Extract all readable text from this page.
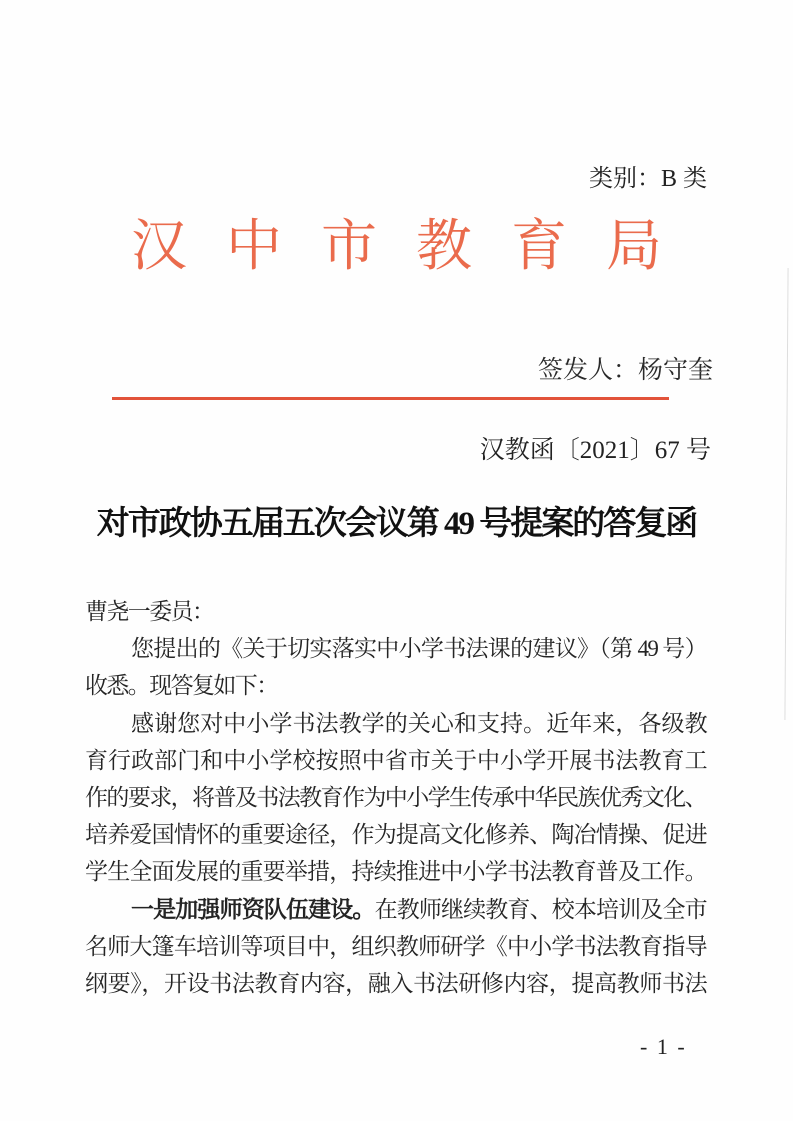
类别：B 类
汉中市教育局
签发人：杨守奎
汉教函〔2021〕67 号
对市政协五届五次会议第 49 号提案的答复函
曹尧一委员：
您提出的《关于切实落实中小学书法课的建议》（第 49 号）
收悉。现答复如下：
感谢您对中小学书法教学的关心和支持。近年来，各级教
育行政部门和中小学校按照中省市关于中小学开展书法教育工
作的要求，将普及书法教育作为中小学生传承中华民族优秀文化、
培养爱国情怀的重要途径，作为提高文化修养、陶冶情操、促进
学生全面发展的重要举措，持续推进中小学书法教育普及工作。
一是加强师资队伍建设。在教师继续教育、校本培训及全市
名师大篷车培训等项目中，组织教师研学《中小学书法教育指导
纲要》，开设书法教育内容，融入书法研修内容，提高教师书法
- 1 -
